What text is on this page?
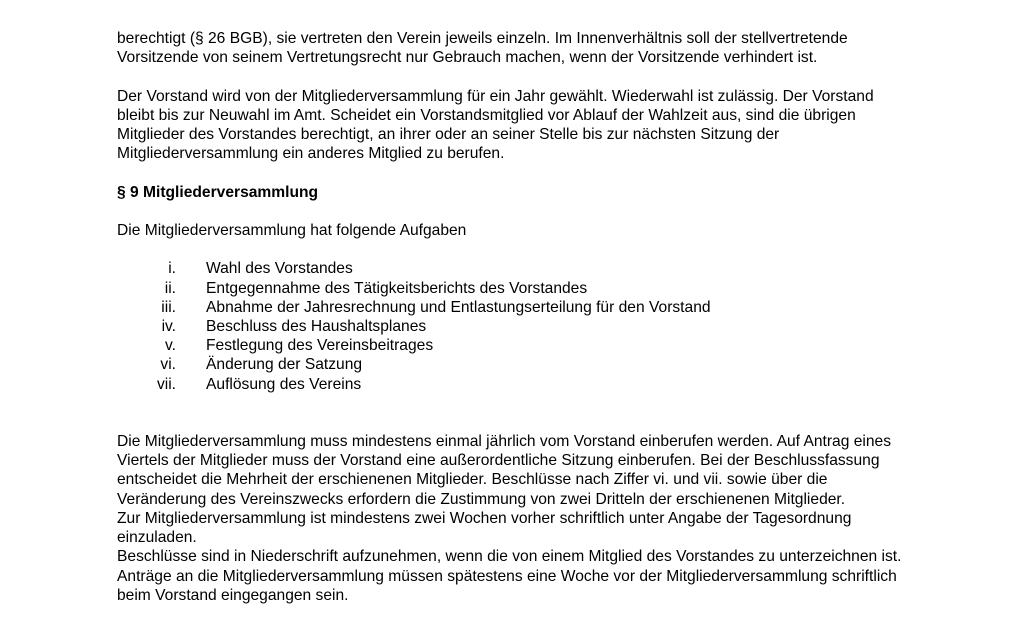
berechtigt (§ 26 BGB), sie vertreten den Verein jeweils einzeln. Im Innenverhältnis soll der stellvertretende
Vorsitzende von seinem Vertretungsrecht nur Gebrauch machen, wenn der Vorsitzende verhindert ist.
Der Vorstand wird von der Mitgliederversammlung für ein Jahr gewählt. Wiederwahl ist zulässig. Der Vorstand
bleibt bis zur Neuwahl im Amt. Scheidet ein Vorstandsmitglied vor Ablauf der Wahlzeit aus, sind die übrigen
Mitglieder des Vorstandes berechtigt, an ihrer oder an seiner Stelle bis zur nächsten Sitzung der
Mitgliederversammlung ein anderes Mitglied zu berufen.
§ 9 Mitgliederversammlung
Die Mitgliederversammlung hat folgende Aufgaben
i. Wahl des Vorstandes
ii. Entgegennahme des Tätigkeitsberichts des Vorstandes
iii. Abnahme der Jahresrechnung und Entlastungserteilung für den Vorstand
iv. Beschluss des Haushaltsplanes
v. Festlegung des Vereinsbeitrages
vi. Änderung der Satzung
vii. Auflösung des Vereins
Die Mitgliederversammlung muss mindestens einmal jährlich vom Vorstand einberufen werden. Auf Antrag eines
Viertels der Mitglieder muss der Vorstand eine außerordentliche Sitzung einberufen. Bei der Beschlussfassung
entscheidet die Mehrheit der erschienenen Mitglieder. Beschlüsse nach Ziffer vi. und vii. sowie über die
Veränderung des Vereinszwecks erfordern die Zustimmung von zwei Dritteln der erschienenen Mitglieder.
Zur Mitgliederversammlung ist mindestens zwei Wochen vorher schriftlich unter Angabe der Tagesordnung
einzuladen.
Beschlüsse sind in Niederschrift aufzunehmen, wenn die von einem Mitglied des Vorstandes zu unterzeichnen ist.
Anträge an die Mitgliederversammlung müssen spätestens eine Woche vor der Mitgliederversammlung schriftlich
beim Vorstand eingegangen sein.
